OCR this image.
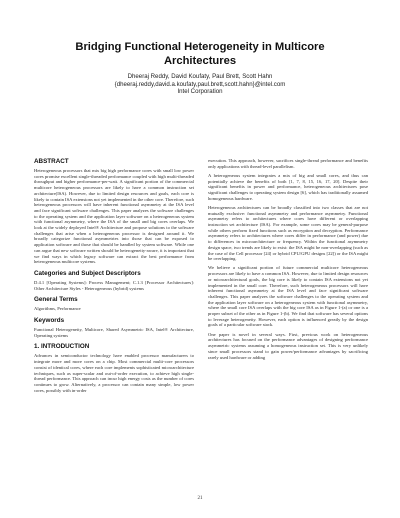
Bridging Functional Heterogeneity in Multicore
Architectures
Dheeraj Reddy, David Koufaty, Paul Brett, Scott Hahn
{dheeraj.reddy,david.a.koufaty,paul.brett,scott.hahn}@intel.com
Intel Corporation
ABSTRACT

Heterogeneous processors that mix big high performance cores with small low power cores promise excellent single-threaded performance coupled with high multi-threaded throughput and higher performance-per-watt. A significant portion of the commercial multicore heterogeneous processors are likely to have a common instruction set architecture(ISA). However, due to limited design resources and goals, each core is likely to contain ISA extensions not yet implemented in the other core. Therefore, such heterogeneous processors will have inherent functional asymmetry at the ISA level and face significant software challenges. This paper analyzes the software challenges to the operating system and the application layer software on a heterogeneous system with functional asymmetry, where the ISA of the small and big cores overlaps. We look at the widely deployed Intel® Architecture and propose solutions to the software challenges that arise when a heterogeneous processor is designed around it. We broadly categorize functional asymmetries into those that can be exposed to application software and those that should be handled by system software. While one can argue that new software written should be heterogeneity-aware, it is important that we find ways in which legacy software can extract the best performance from heterogeneous multicore systems.

Categories and Subject Descriptors

D.4.1 [Operating Systems]: Process Management; C.1.3 [Processor Architectures]: Other Architecture Styles - Heterogeneous (hybrid) systems

General Terms

Algorithms, Performance

Keywords

Functional Heterogeneity, Multicore, Shared Asymmetric ISA, Intel® Architecture, Operating systems

1. INTRODUCTION

Advances in semiconductor technology have enabled processor manufacturers to integrate more and more cores on a chip. Most commercial multi-core processors consist of identical cores, where each core implements sophisticated microarchitecture techniques, such as super-scalar and out-of-order execution, to achieve high single-thread performance. This approach can incur high energy costs as the number of cores continues to grow. Alternatively, a processor can contain many simple, low power cores, possibly with in-order

execution. This approach, however, sacrifices single-thread performance and benefits only applications with thread-level parallelism.

A heterogeneous system integrates a mix of big and small cores, and thus can potentially achieve the benefits of both [1, 7, 8, 15, 16, 17, 20]. Despite their significant benefits in power and performance, heterogeneous architectures pose significant challenges to operating system design [6], which has traditionally assumed homogeneous hardware.

Heterogeneous architectures can be broadly classified into two classes that are not mutually exclusive: functional asymmetry and performance asymmetry. Functional asymmetry refers to architectures where cores have different or overlapping instruction set architecture (ISA). For example, some cores may be general-purpose while others perform fixed functions such as encryption and decryption. Performance asymmetry refers to architectures where cores differ in performance (and power) due to differences in microarchitecture or frequency. Within the functional asymmetry design space, two trends are likely to exist: the ISA might be non-overlapping (such as the case of the Cell processor [24] or hybrid CPU/GPU designs [22]) or the ISA might be overlapping.

We believe a significant portion of future commercial multicore heterogeneous processors are likely to have a common ISA. However, due to limited design resources or microarchitectural goals, the big core is likely to contain ISA extensions not yet implemented in the small core. Therefore, such heterogeneous processors will have inherent functional asymmetry at the ISA level and face significant software challenges. This paper analyzes the software challenges to the operating system and the application layer software on a heterogeneous system with functional asymmetry, where the small core ISA overlaps with the big core ISA as in Figure 1-(a) or one is a proper subset of the other as in Figure 1-(b). We find that software has several options to leverage heterogeneity. However, each option is influenced greatly by the design goals of a particular software stack.

One paper is novel in several ways. First, previous work on heterogeneous architectures has focused on the performance advantages of designing performance asymmetric systems assuming a homogeneous instruction set. This is very unlikely since small processors stand to gain power/performance advantages by sacrificing rarely used hardware or adding

21
